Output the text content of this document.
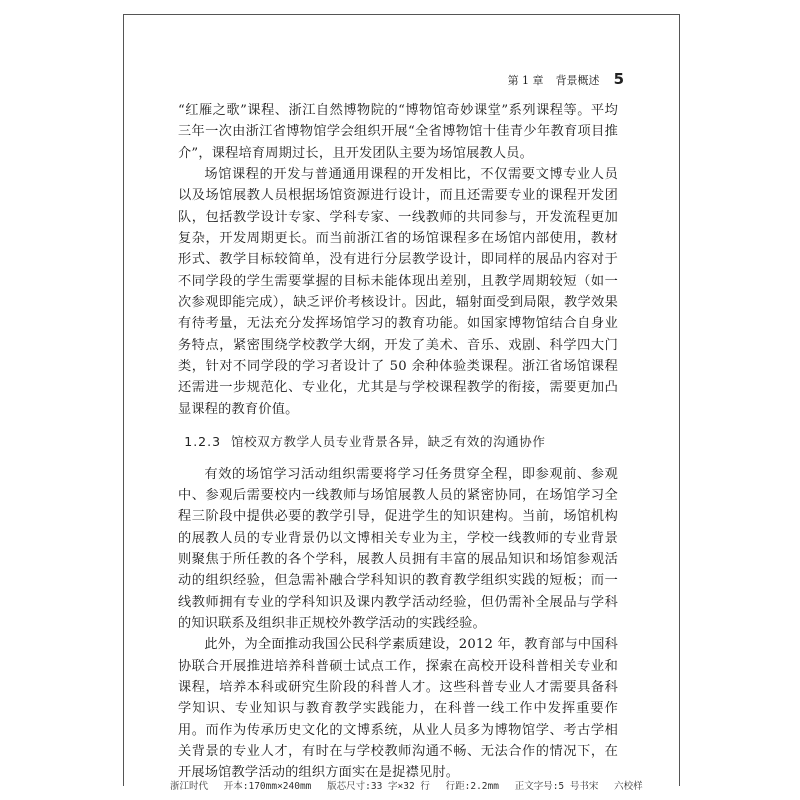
第 1 章 背景概述 5

“红雁之歌”课程、浙江自然博物院的“博物馆奇妙课堂”系列课程等。平均三年一次由浙江省博物馆学会组织开展“全省博物馆十佳青少年教育项目推介”，课程培育周期过长，且开发团队主要为场馆展教人员。

场馆课程的开发与普通通用课程的开发相比，不仅需要文博专业人员以及场馆展教人员根据场馆资源进行设计，而且还需要专业的课程开发团队，包括教学设计专家、学科专家、一线教师的共同参与，开发流程更加复杂，开发周期更长。而当前浙江省的场馆课程多在场馆内部使用，教材形式、教学目标较简单，没有进行分层教学设计，即同样的展品内容对于不同学段的学生需要掌握的目标未能体现出差别，且教学周期较短（如一次参观即能完成），缺乏评价考核设计。因此，辐射面受到局限，教学效果有待考量，无法充分发挥场馆学习的教育功能。如国家博物馆结合自身业务特点，紧密围绕学校教学大纲，开发了美术、音乐、戏剧、科学四大门类，针对不同学段的学习者设计了 50 余种体验类课程。浙江省场馆课程还需进一步规范化、专业化，尤其是与学校课程教学的衔接，需要更加凸显课程的教育价值。

1.2.3 馆校双方教学人员专业背景各异，缺乏有效的沟通协作

有效的场馆学习活动组织需要将学习任务贯穿全程，即参观前、参观中、参观后需要校内一线教师与场馆展教人员的紧密协同，在场馆学习全程三阶段中提供必要的教学引导，促进学生的知识建构。当前，场馆机构的展教人员的专业背景仍以文博相关专业为主，学校一线教师的专业背景则聚焦于所任教的各个学科，展教人员拥有丰富的展品知识和场馆参观活动的组织经验，但急需补融合学科知识的教育教学组织实践的短板；而一线教师拥有专业的学科知识及课内教学活动经验，但仍需补全展品与学科的知识联系及组织非正规校外教学活动的实践经验。

此外，为全面推动我国公民科学素质建设，2012 年，教育部与中国科协联合开展推进培养科普硕士试点工作，探索在高校开设科普相关专业和课程，培养本科或研究生阶段的科普人才。这些科普专业人才需要具备科学知识、专业知识与教育教学实践能力，在科普一线工作中发挥重要作用。而作为传承历史文化的文博系统，从业人员多为博物馆学、考古学相关背景的专业人才，有时在与学校教师沟通不畅、无法合作的情况下，在开展场馆教学活动的组织方面实在是捉襟见肘。

浙江时代 开本:170mm×240mm 版芯尺寸:33 字×32 行 行距:2.2mm 正文字号:5 号书宋 六校样
